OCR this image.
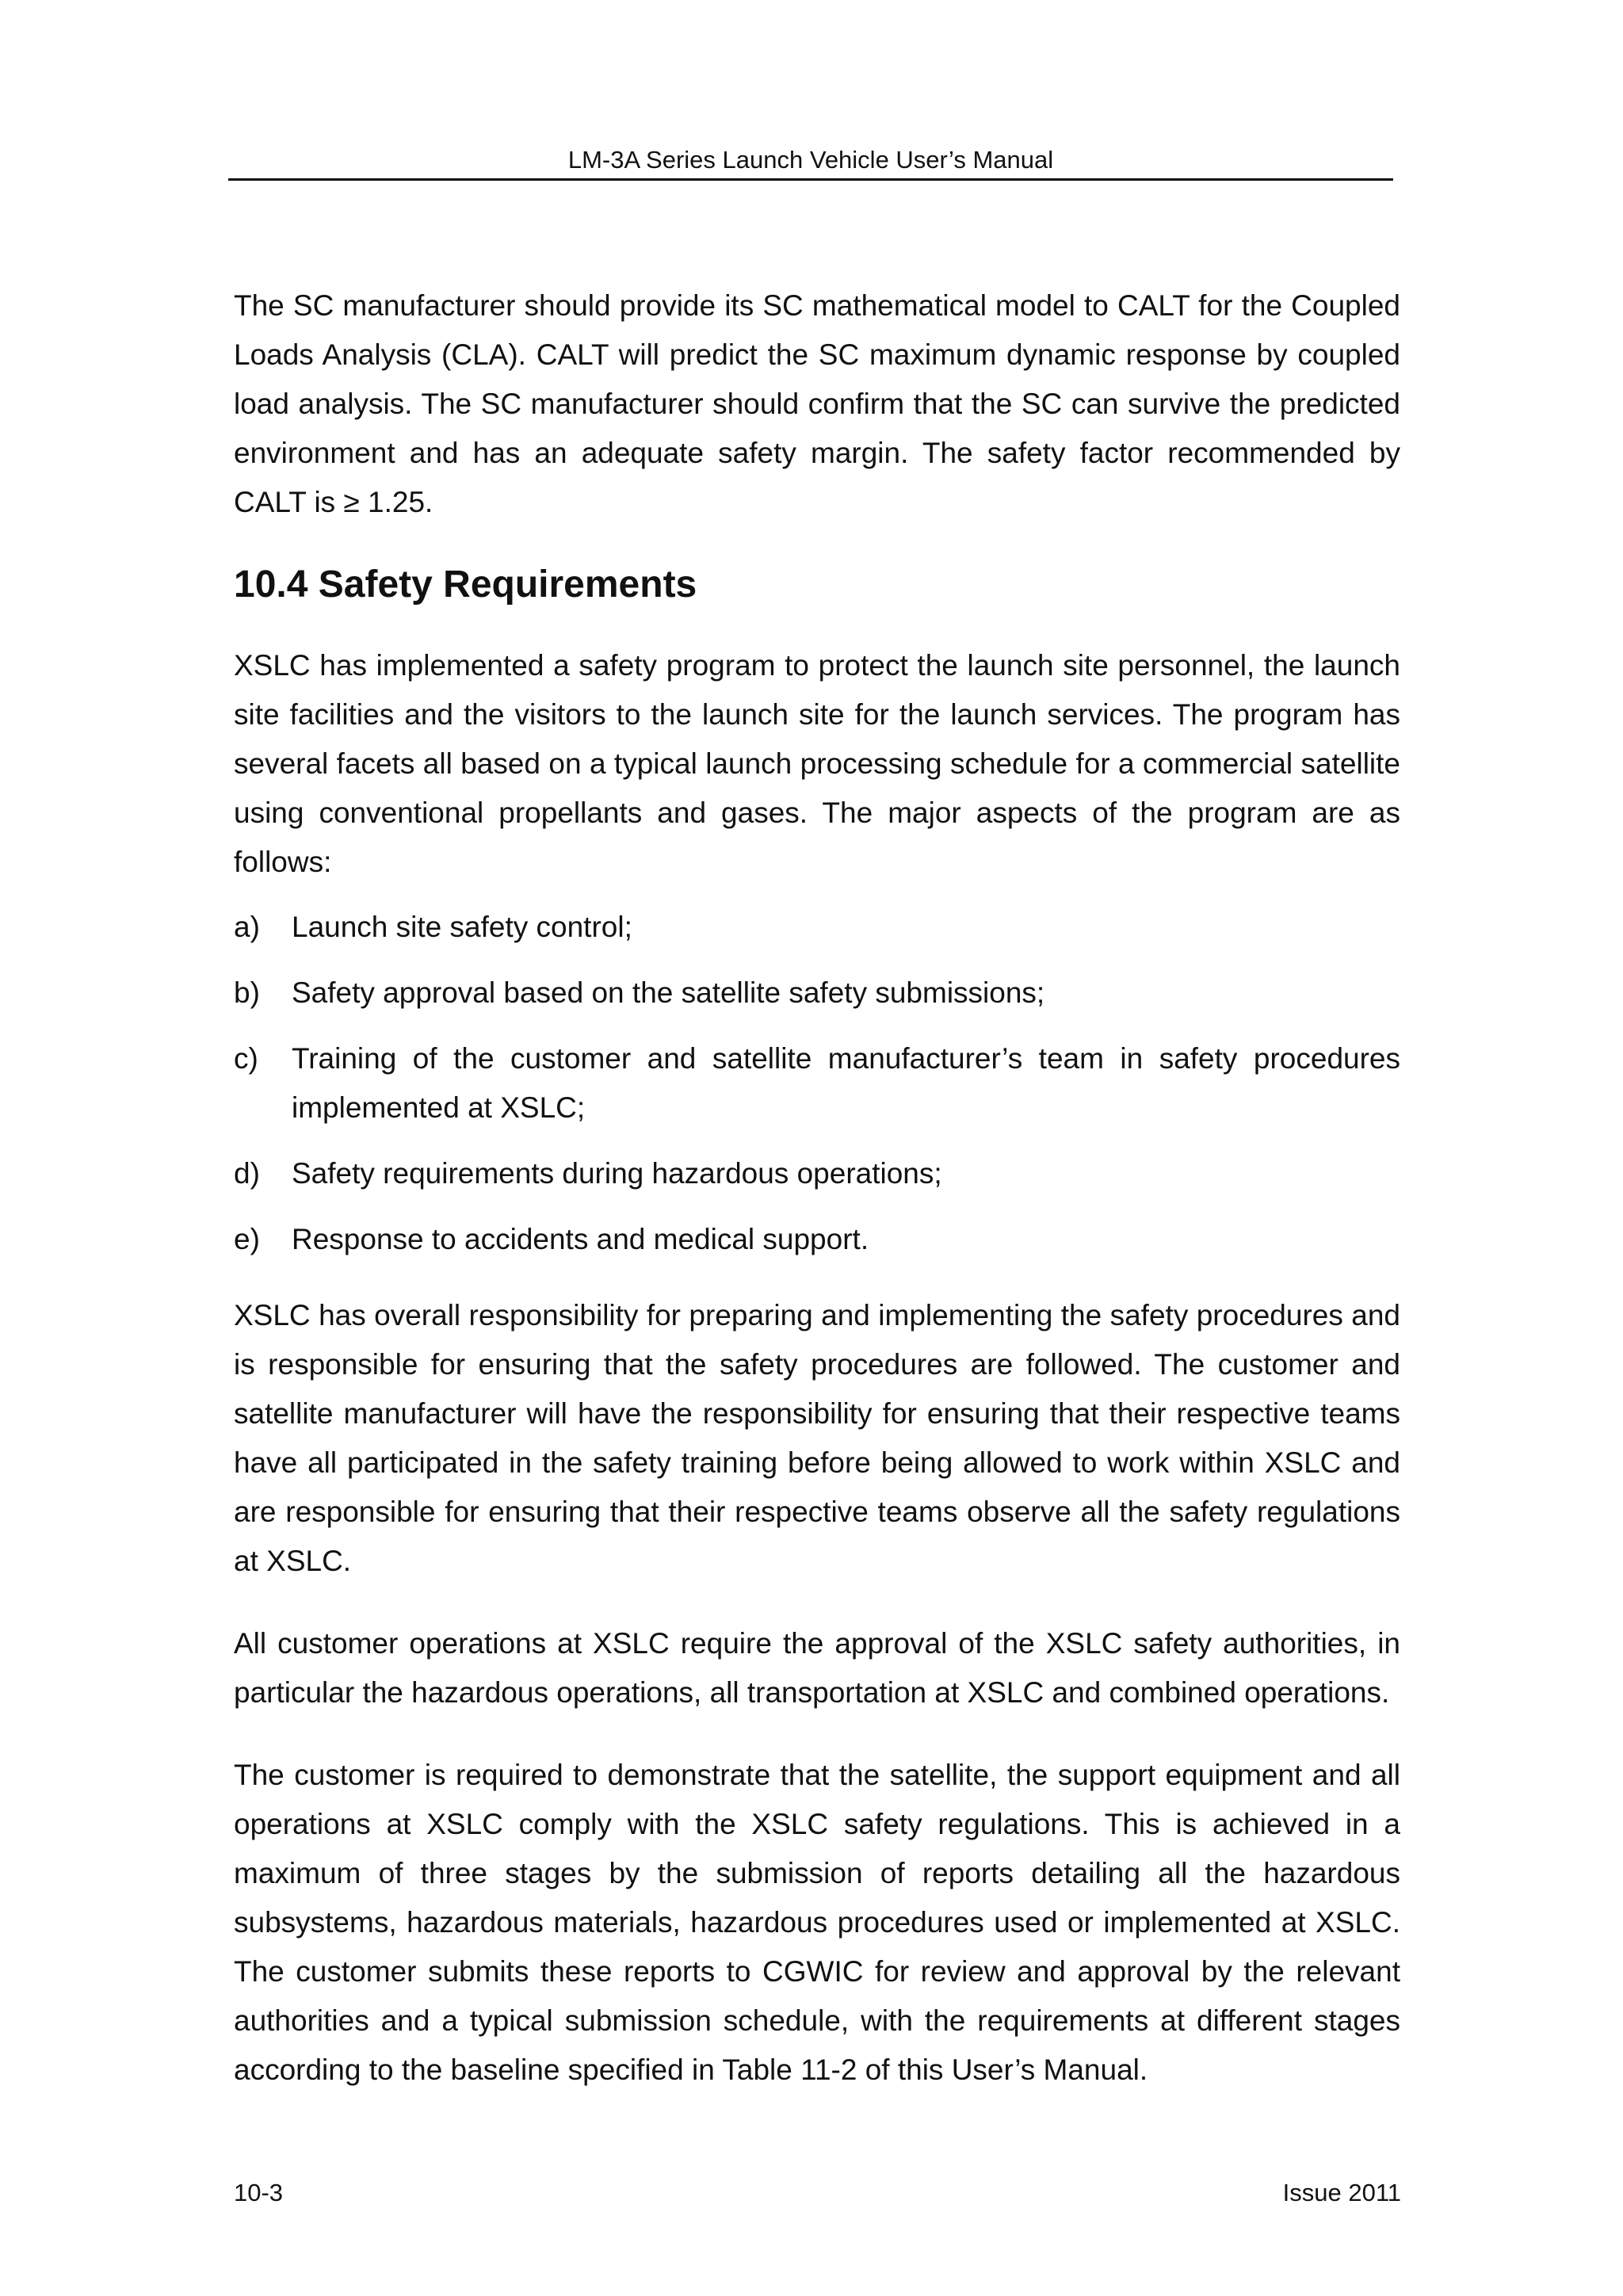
LM-3A Series Launch Vehicle User’s Manual

The SC manufacturer should provide its SC mathematical model to CALT for the Coupled Loads Analysis (CLA). CALT will predict the SC maximum dynamic response by coupled load analysis. The SC manufacturer should confirm that the SC can survive the predicted environment and has an adequate safety margin. The safety factor recommended by CALT is ≥ 1.25.

10.4 Safety Requirements

XSLC has implemented a safety program to protect the launch site personnel, the launch site facilities and the visitors to the launch site for the launch services. The program has several facets all based on a typical launch processing schedule for a commercial satellite using conventional propellants and gases. The major aspects of the program are as follows:

a)	Launch site safety control;
b)	Safety approval based on the satellite safety submissions;
c)	Training of the customer and satellite manufacturer’s team in safety procedures implemented at XSLC;
d)	Safety requirements during hazardous operations;
e)	Response to accidents and medical support.

XSLC has overall responsibility for preparing and implementing the safety procedures and is responsible for ensuring that the safety procedures are followed. The customer and satellite manufacturer will have the responsibility for ensuring that their respective teams have all participated in the safety training before being allowed to work within XSLC and are responsible for ensuring that their respective teams observe all the safety regulations at XSLC.

All customer operations at XSLC require the approval of the XSLC safety authorities, in particular the hazardous operations, all transportation at XSLC and combined operations.

The customer is required to demonstrate that the satellite, the support equipment and all operations at XSLC comply with the XSLC safety regulations. This is achieved in a maximum of three stages by the submission of reports detailing all the hazardous subsystems, hazardous materials, hazardous procedures used or implemented at XSLC. The customer submits these reports to CGWIC for review and approval by the relevant authorities and a typical submission schedule, with the requirements at different stages according to the baseline specified in Table 11-2 of this User’s Manual.

10-3	Issue 2011
